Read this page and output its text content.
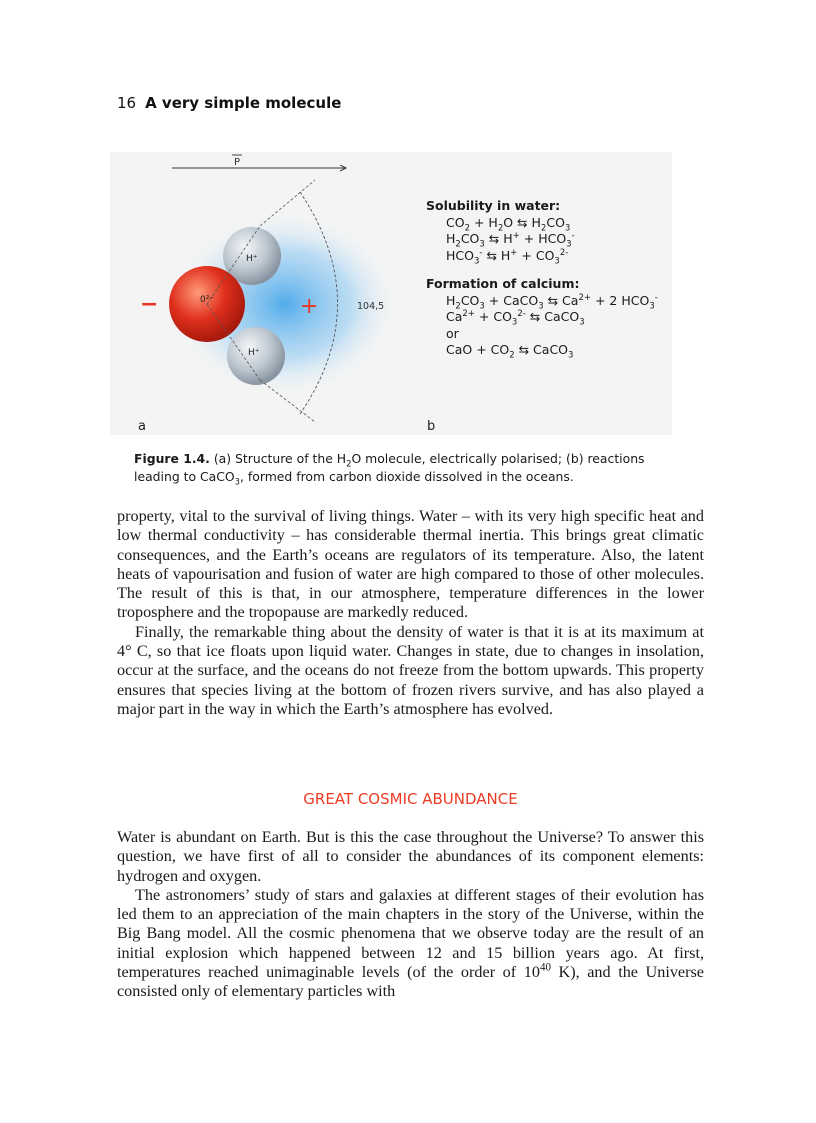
16 A very simple molecule
P
0²⁻
H⁺
H⁺
−	+	104,5
a	b
Solubility in water:
$CO_2 + H_2O$ ⇆ $H_2CO_3$
$H_2CO_3$ ⇆ $H^+ + HCO_3^-$
$HCO_3^-$ ⇆ $H^+ + CO_3^{2-}$
Formation of calcium:
$H_2CO_3$ + CaCO$_3$ ⇆ $Ca^{2+} + 2$ $HCO_3^-$
$Ca^{2+} + CO_3^{2-}$ ⇆ CaCO$_3$
or
CaO + $CO_2$ ⇆ CaCO$_3$
Figure 1.4. (a) Structure of the $H_2O$ molecule, electrically polarised; (b) reactions leading to CaCO$_3$, formed from carbon dioxide dissolved in the oceans.

property, vital to the survival of living things. Water – with its very high specific heat and low thermal conductivity – has considerable thermal inertia. This brings great climatic consequences, and the Earth’s oceans are regulators of its temperature. Also, the latent heats of vapourisation and fusion of water are high compared to those of other molecules. The result of this is that, in our atmosphere, temperature differences in the lower troposphere and the tropopause are markedly reduced.

Finally, the remarkable thing about the density of water is that it is at its maximum at 4° C, so that ice floats upon liquid water. Changes in state, due to changes in insolation, occur at the surface, and the oceans do not freeze from the bottom upwards. This property ensures that species living at the bottom of frozen rivers survive, and has also played a major part in the way in which the Earth’s atmosphere has evolved.

GREAT COSMIC ABUNDANCE

Water is abundant on Earth. But is this the case throughout the Universe? To answer this question, we have first of all to consider the abundances of its component elements: hydrogen and oxygen.

The astronomers’ study of stars and galaxies at different stages of their evolution has led them to an appreciation of the main chapters in the story of the Universe, within the Big Bang model. All the cosmic phenomena that we observe today are the result of an initial explosion which happened between 12 and 15 billion years ago. At first, temperatures reached unimaginable levels (of the order of $10^{40}$ K), and the Universe consisted only of elementary particles with
